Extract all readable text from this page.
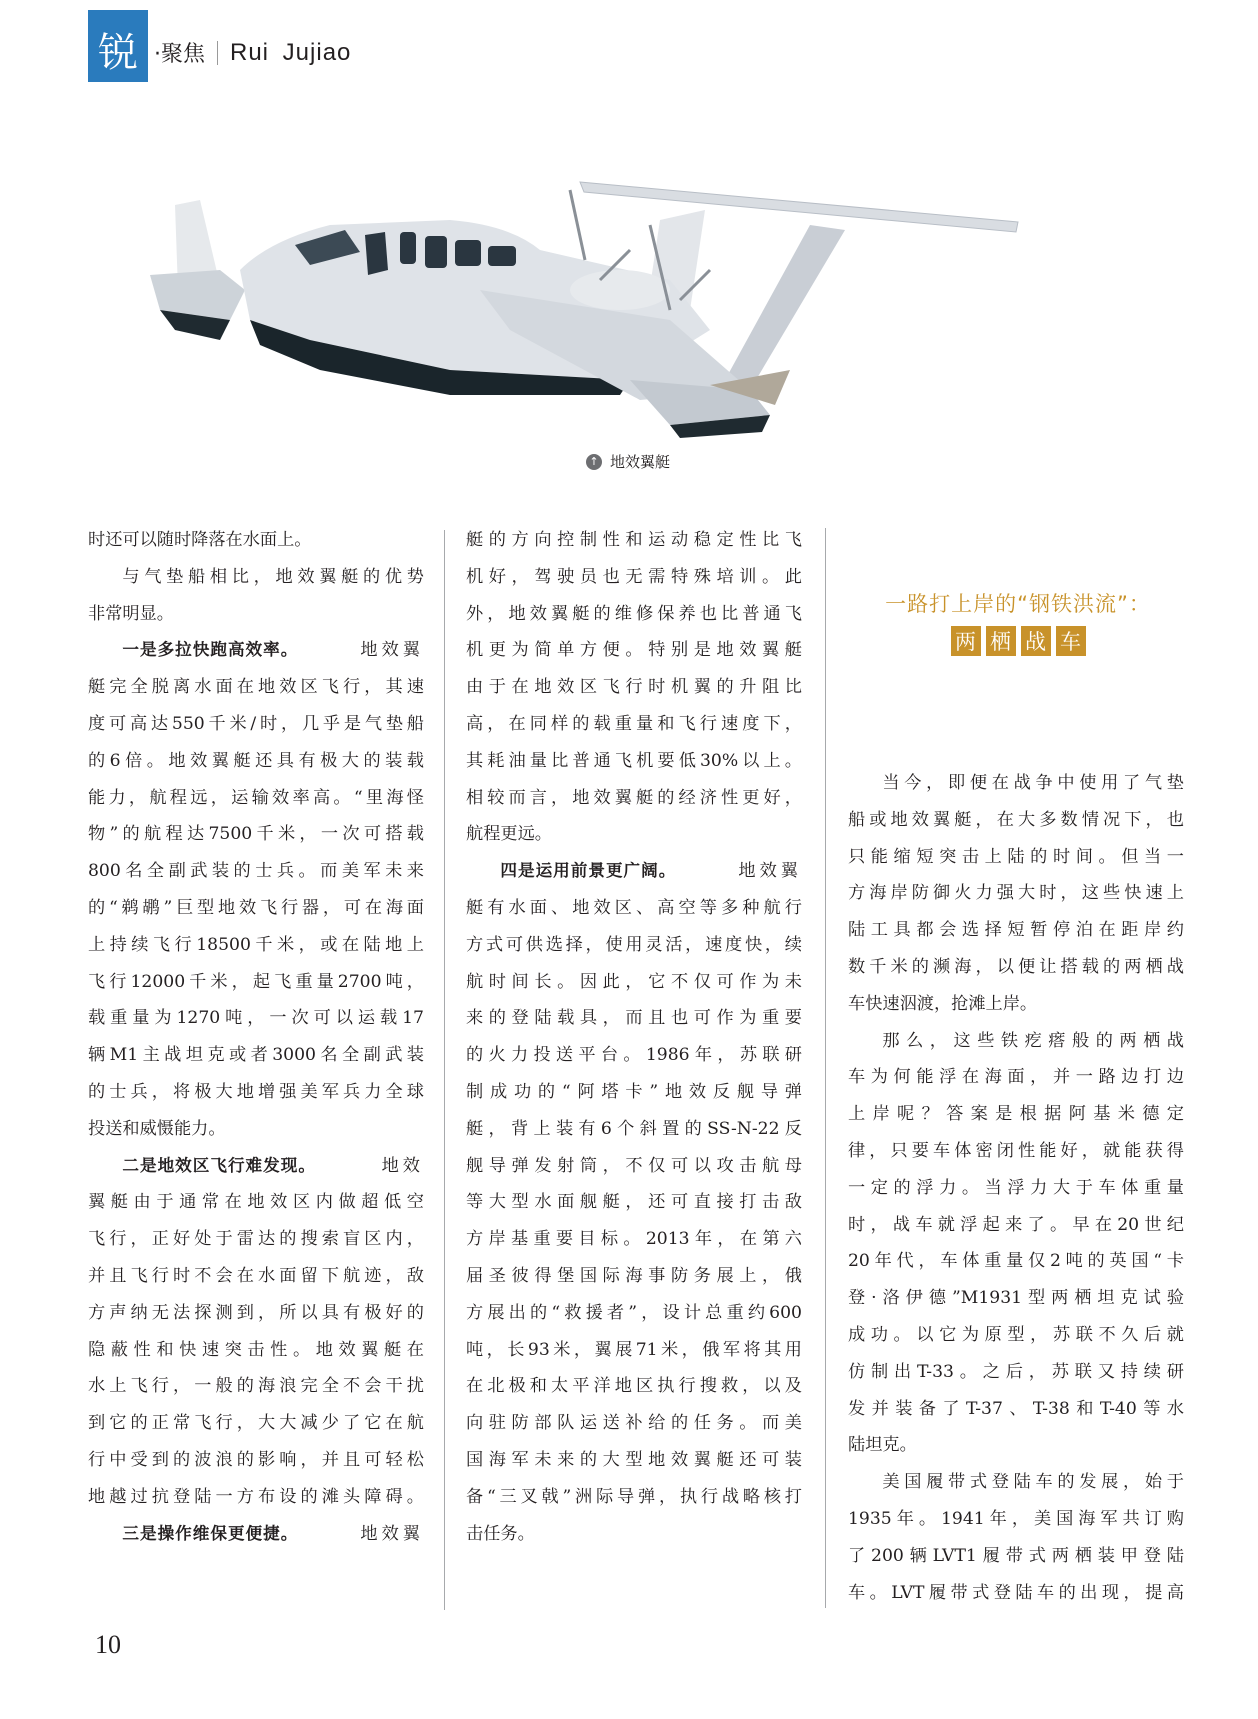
锐 ·聚焦 Rui Jujiao
↑ 地效翼艇
时还可以随时降落在水面上。
与气垫船相比，地效翼艇的优势
非常明显。
一是多拉快跑高效率。	地效翼
艇完全脱离水面在地效区飞行，其速
度可高达550千米/时，几乎是气垫船
的6倍。地效翼艇还具有极大的装载
能力，航程远，运输效率高。“里海怪
物”的航程达7500千米，一次可搭载
800名全副武装的士兵。而美军未来
的“鹈鹕”巨型地效飞行器，可在海面
上持续飞行18500千米，或在陆地上
飞行12000千米，起飞重量2700吨，
载重量为1270吨，一次可以运载17
辆M1主战坦克或者3000名全副武装
的士兵，将极大地增强美军兵力全球
投送和威慑能力。
二是地效区飞行难发现。	地效
翼艇由于通常在地效区内做超低空
飞行，正好处于雷达的搜索盲区内，
并且飞行时不会在水面留下航迹，敌
方声纳无法探测到，所以具有极好的
隐蔽性和快速突击性。地效翼艇在
水上飞行，一般的海浪完全不会干扰
到它的正常飞行，大大减少了它在航
行中受到的波浪的影响，并且可轻松
地越过抗登陆一方布设的滩头障碍。
三是操作维保更便捷。	地效翼
艇的方向控制性和运动稳定性比飞
机好，驾驶员也无需特殊培训。此
外，地效翼艇的维修保养也比普通飞
机更为简单方便。特别是地效翼艇
由于在地效区飞行时机翼的升阻比
高，在同样的载重量和飞行速度下，
其耗油量比普通飞机要低30%以上。
相较而言，地效翼艇的经济性更好，
航程更远。
四是运用前景更广阔。	地效翼
艇有水面、地效区、高空等多种航行
方式可供选择，使用灵活，速度快，续
航时间长。因此，它不仅可作为未
来的登陆载具，而且也可作为重要
的火力投送平台。1986年，苏联研
制成功的“阿塔卡”地效反舰导弹
艇，背上装有6个斜置的SS-N-22反
舰导弹发射筒，不仅可以攻击航母
等大型水面舰艇，还可直接打击敌
方岸基重要目标。2013年，在第六
届圣彼得堡国际海事防务展上，俄
方展出的“救援者”，设计总重约600
吨，长93米，翼展71米，俄军将其用
在北极和太平洋地区执行搜救，以及
向驻防部队运送补给的任务。而美
国海军未来的大型地效翼艇还可装
备“三叉戟”洲际导弹，执行战略核打
击任务。
一路打上岸的“钢铁洪流”：
两 栖 战 车
当今，即便在战争中使用了气垫
船或地效翼艇，在大多数情况下，也
只能缩短突击上陆的时间。但当一
方海岸防御火力强大时，这些快速上
陆工具都会选择短暂停泊在距岸约
数千米的濒海，以便让搭载的两栖战
车快速泅渡，抢滩上岸。
那么，这些铁疙瘩般的两栖战
车为何能浮在海面，并一路边打边
上岸呢？答案是根据阿基米德定
律，只要车体密闭性能好，就能获得
一定的浮力。当浮力大于车体重量
时，战车就浮起来了。早在20世纪
20年代，车体重量仅2吨的英国“卡
登·洛伊德”M1931型两栖坦克试验
成功。以它为原型，苏联不久后就
仿制出T-33。之后，苏联又持续研
发并装备了T-37、T-38和T-40等水
陆坦克。
美国履带式登陆车的发展，始于
1935年。1941年，美国海军共订购
了200辆LVT1履带式两栖装甲登陆
车。LVT履带式登陆车的出现，提高
10
